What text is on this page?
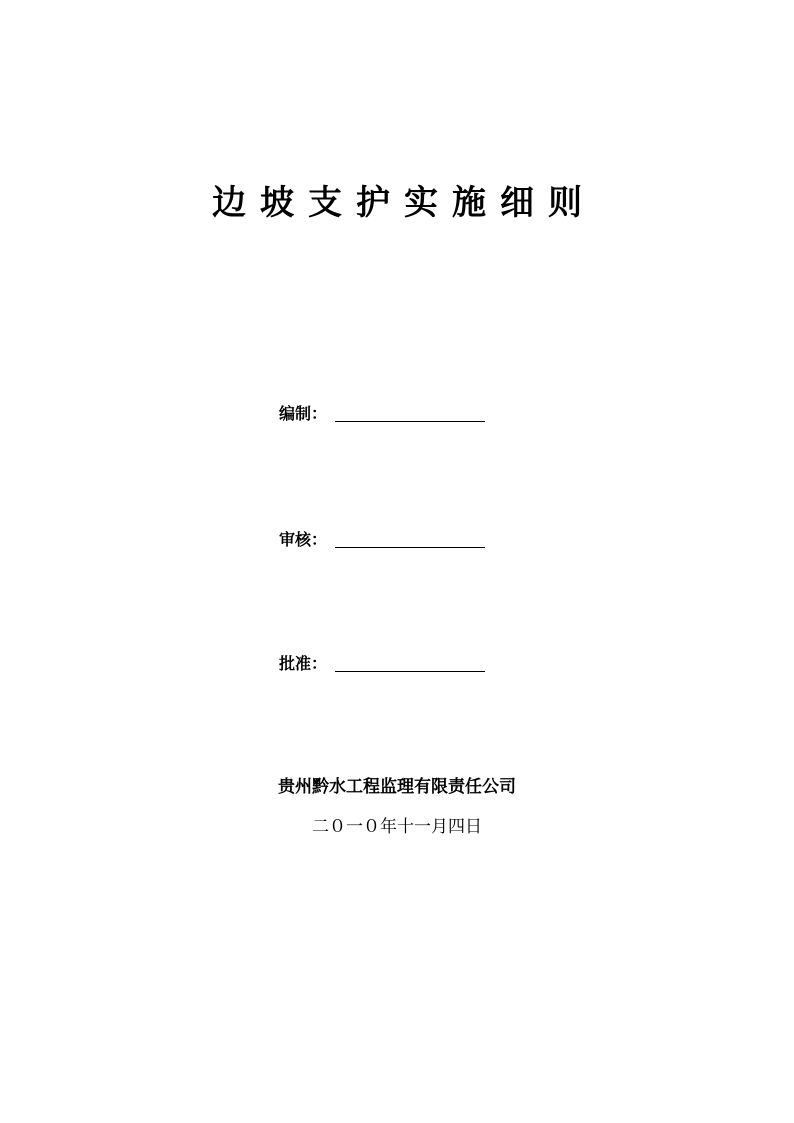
边坡支护实施细则
编制：
审核：
批准：
贵州黔水工程监理有限责任公司
二０一０年十一月四日
